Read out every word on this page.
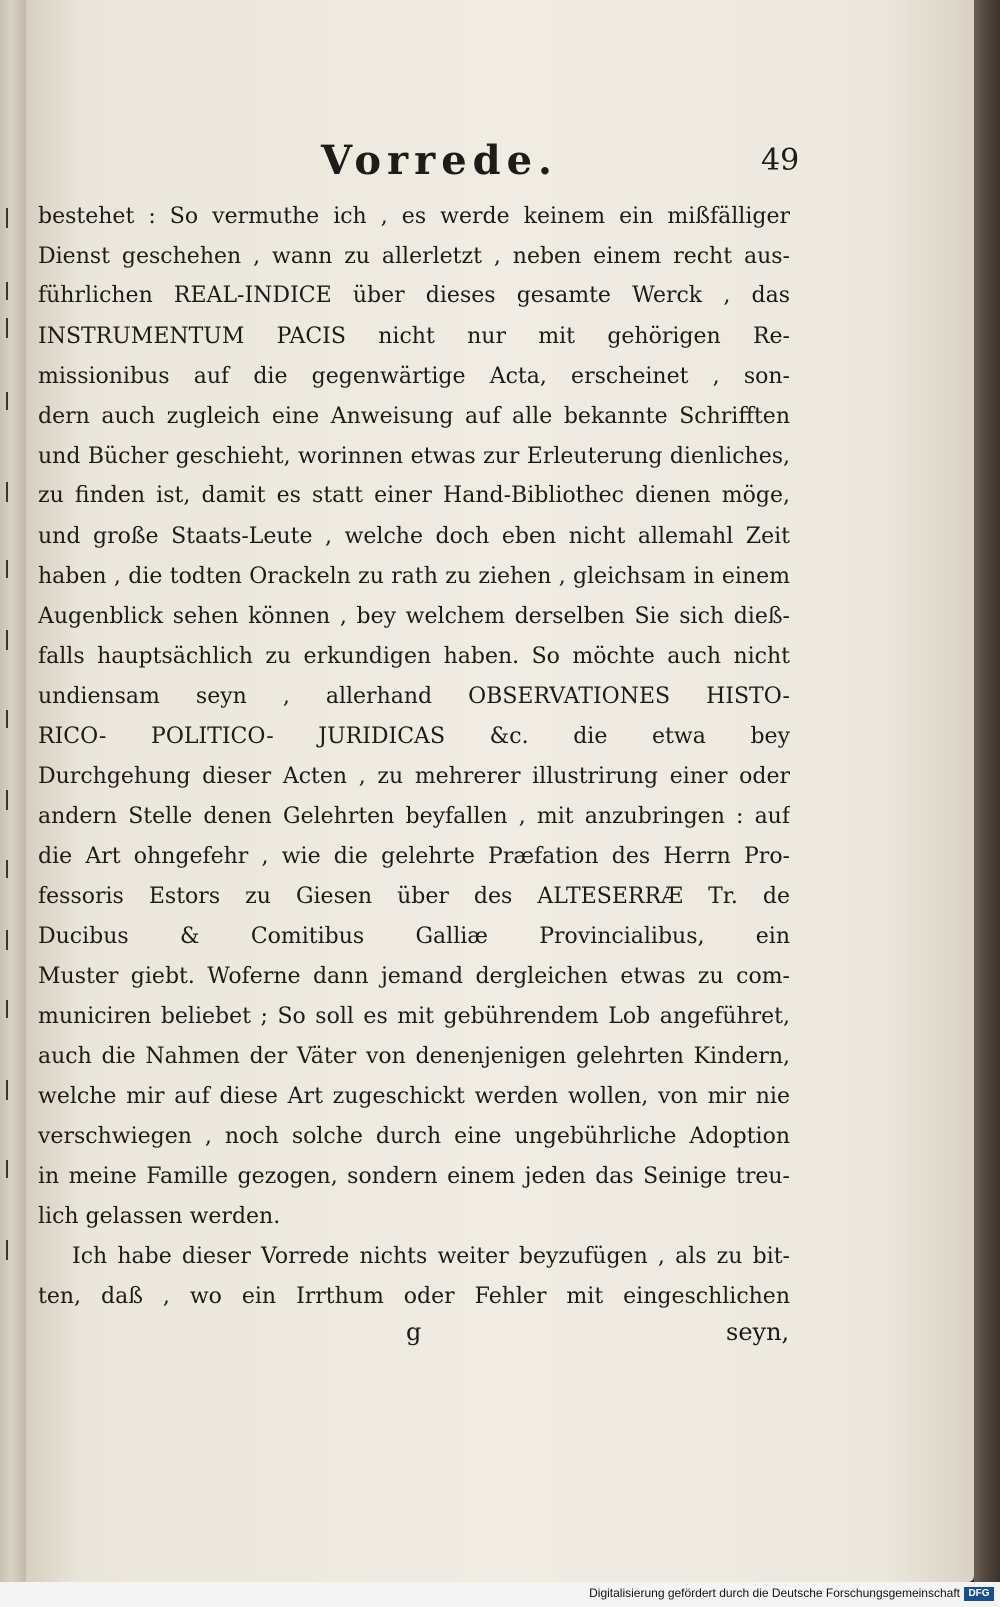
Vorrede.	49
bestehet : So vermuthe ich , es werde keinem ein mißfälliger
Dienst geschehen , wann zu allerletzt , neben einem recht aus-
führlichen REAL-INDICE über dieses gesamte Werck , das
INSTRUMENTUM PACIS nicht nur mit gehörigen Re-
missionibus auf die gegenwärtige Acta, erscheinet , son-
dern auch zugleich eine Anweisung auf alle bekannte Schrifften
und Bücher geschieht, worinnen etwas zur Erleuterung dienliches,
zu finden ist, damit es statt einer Hand-Bibliothec dienen möge,
und große Staats-Leute , welche doch eben nicht allemahl Zeit
haben , die todten Orackeln zu rath zu ziehen , gleichsam in einem
Augenblick sehen können , bey welchem derselben Sie sich dieß-
falls hauptsächlich zu erkundigen haben. So möchte auch nicht
undiensam seyn , allerhand OBSERVATIONES HISTO-
RICO- POLITICO- JURIDICAS &c. die etwa bey
Durchgehung dieser Acten , zu mehrerer illustrirung einer oder
andern Stelle denen Gelehrten beyfallen , mit anzubringen : auf
die Art ohngefehr , wie die gelehrte Præfation des Herrn Pro-
fessoris Estors zu Giesen über des ALTESERRÆ Tr. de
Ducibus & Comitibus Galliæ Provincialibus, ein
Muster giebt. Woferne dann jemand dergleichen etwas zu com-
municiren beliebet ; So soll es mit gebührendem Lob angeführet,
auch die Nahmen der Väter von denenjenigen gelehrten Kindern,
welche mir auf diese Art zugeschickt werden wollen, von mir nie
verschwiegen , noch solche durch eine ungebührliche Adoption
in meine Famille gezogen, sondern einem jeden das Seinige treu-
lich gelassen werden.
Ich habe dieser Vorrede nichts weiter beyzufügen , als zu bit-
ten, daß , wo ein Irrthum oder Fehler mit eingeschlichen
g	seyn,
Digitalisierung gefördert durch die Deutsche Forschungsgemeinschaft DFG
